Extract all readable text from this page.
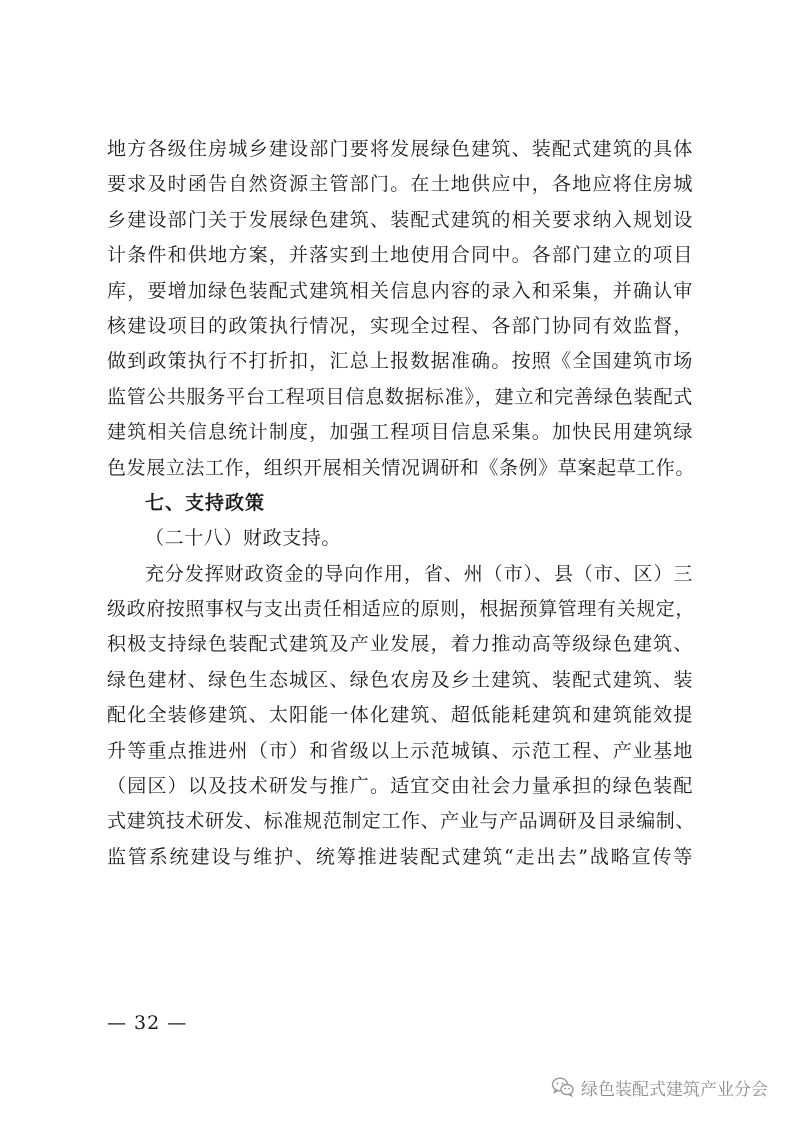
地方各级住房城乡建设部门要将发展绿色建筑、装配式建筑的具体
要求及时函告自然资源主管部门。在土地供应中，各地应将住房城
乡建设部门关于发展绿色建筑、装配式建筑的相关要求纳入规划设
计条件和供地方案，并落实到土地使用合同中。各部门建立的项目
库，要增加绿色装配式建筑相关信息内容的录入和采集，并确认审
核建设项目的政策执行情况，实现全过程、各部门协同有效监督，
做到政策执行不打折扣，汇总上报数据准确。按照《全国建筑市场
监管公共服务平台工程项目信息数据标准》，建立和完善绿色装配式
建筑相关信息统计制度，加强工程项目信息采集。加快民用建筑绿
色发展立法工作，组织开展相关情况调研和《条例》草案起草工作。
七、支持政策
（二十八）财政支持。
充分发挥财政资金的导向作用，省、州（市）、县（市、区）三
级政府按照事权与支出责任相适应的原则，根据预算管理有关规定，
积极支持绿色装配式建筑及产业发展，着力推动高等级绿色建筑、
绿色建材、绿色生态城区、绿色农房及乡土建筑、装配式建筑、装
配化全装修建筑、太阳能一体化建筑、超低能耗建筑和建筑能效提
升等重点推进州（市）和省级以上示范城镇、示范工程、产业基地
（园区）以及技术研发与推广。适宜交由社会力量承担的绿色装配
式建筑技术研发、标准规范制定工作、产业与产品调研及目录编制、
监管系统建设与维护、统筹推进装配式建筑“走出去”战略宣传等
— 32 —
绿色装配式建筑产业分会
